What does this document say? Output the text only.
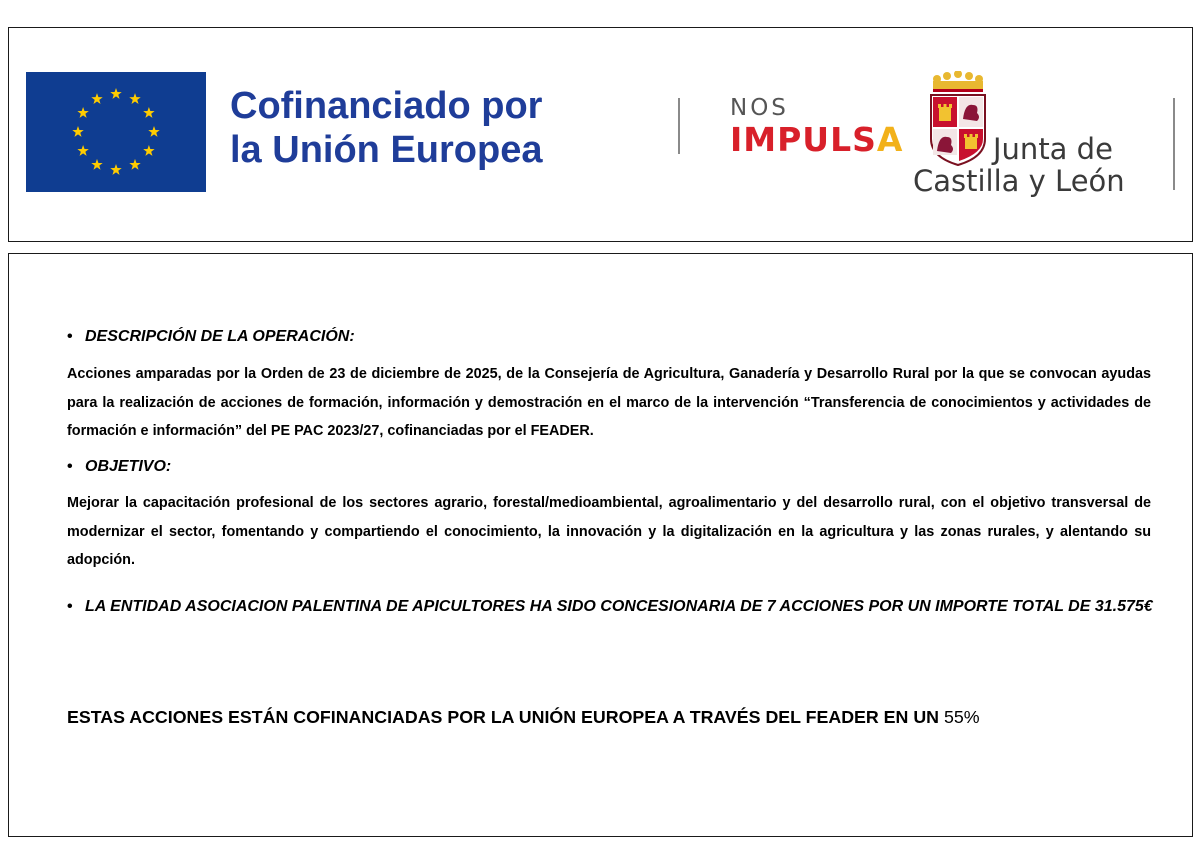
Cofinanciado por
la Unión Europea
NOS
IMPULSA	Junta de
Castilla y León
• DESCRIPCIÓN DE LA OPERACIÓN:
Acciones amparadas por la Orden de 23 de diciembre de 2025, de la Consejería de Agricultura, Ganadería y Desarrollo Rural por la que se convocan ayudas para la realización de acciones de formación, información y demostración en el marco de la intervención “Transferencia de conocimientos y actividades de formación e información” del PE PAC 2023/27, cofinanciadas por el FEADER.
• OBJETIVO:
Mejorar la capacitación profesional de los sectores agrario, forestal/medioambiental, agroalimentario y del desarrollo rural, con el objetivo transversal de modernizar el sector, fomentando y compartiendo el conocimiento, la innovación y la digitalización en la agricultura y las zonas rurales, y alentando su adopción.
• LA ENTIDAD ASOCIACION PALENTINA DE APICULTORES HA SIDO CONCESIONARIA DE 7 ACCIONES POR UN IMPORTE TOTAL DE 31.575€
ESTAS ACCIONES ESTÁN COFINANCIADAS POR LA UNIÓN EUROPEA A TRAVÉS DEL FEADER EN UN 55%
